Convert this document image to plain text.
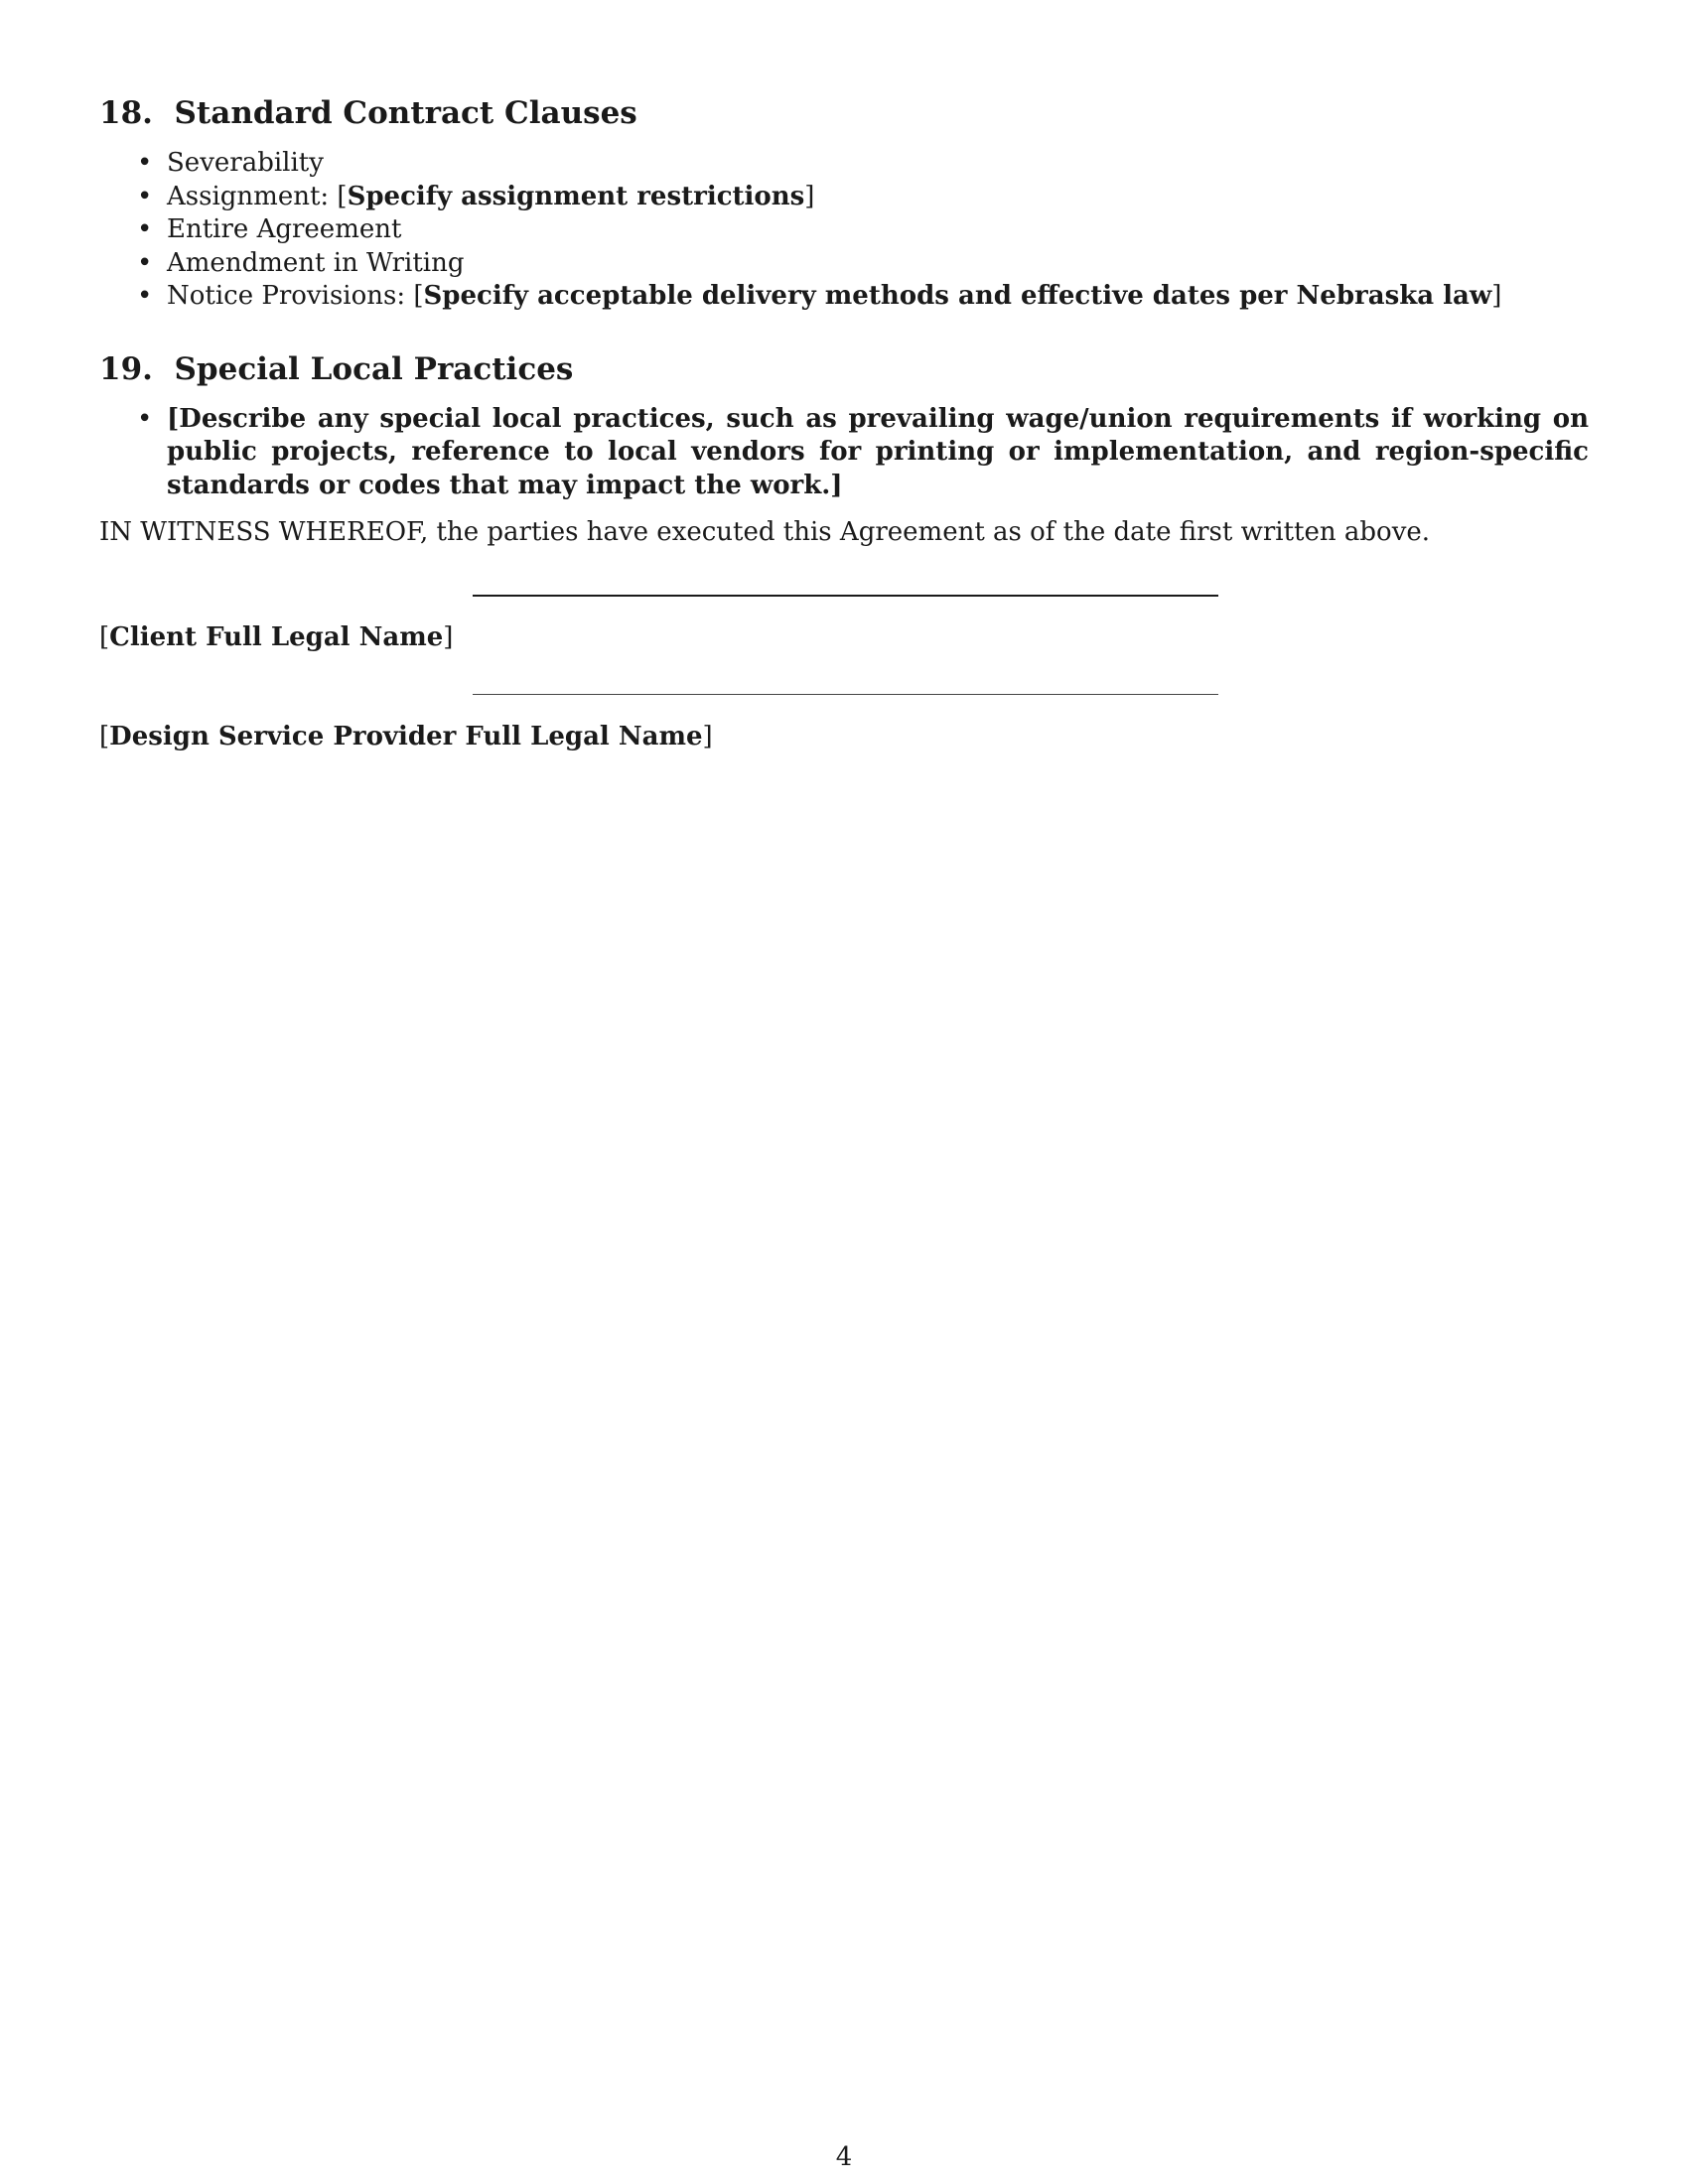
18. Standard Contract Clauses
• Severability
• Assignment: [Specify assignment restrictions]
• Entire Agreement
• Amendment in Writing
• Notice Provisions: [Specify acceptable delivery methods and effective dates per Nebraska law]
19. Special Local Practices
• [Describe any special local practices, such as prevailing wage/union requirements if working on public projects, reference to local vendors for printing or implementation, and region-specific standards or codes that may impact the work.]
IN WITNESS WHEREOF, the parties have executed this Agreement as of the date first written above.
[Client Full Legal Name]
[Design Service Provider Full Legal Name]
4
